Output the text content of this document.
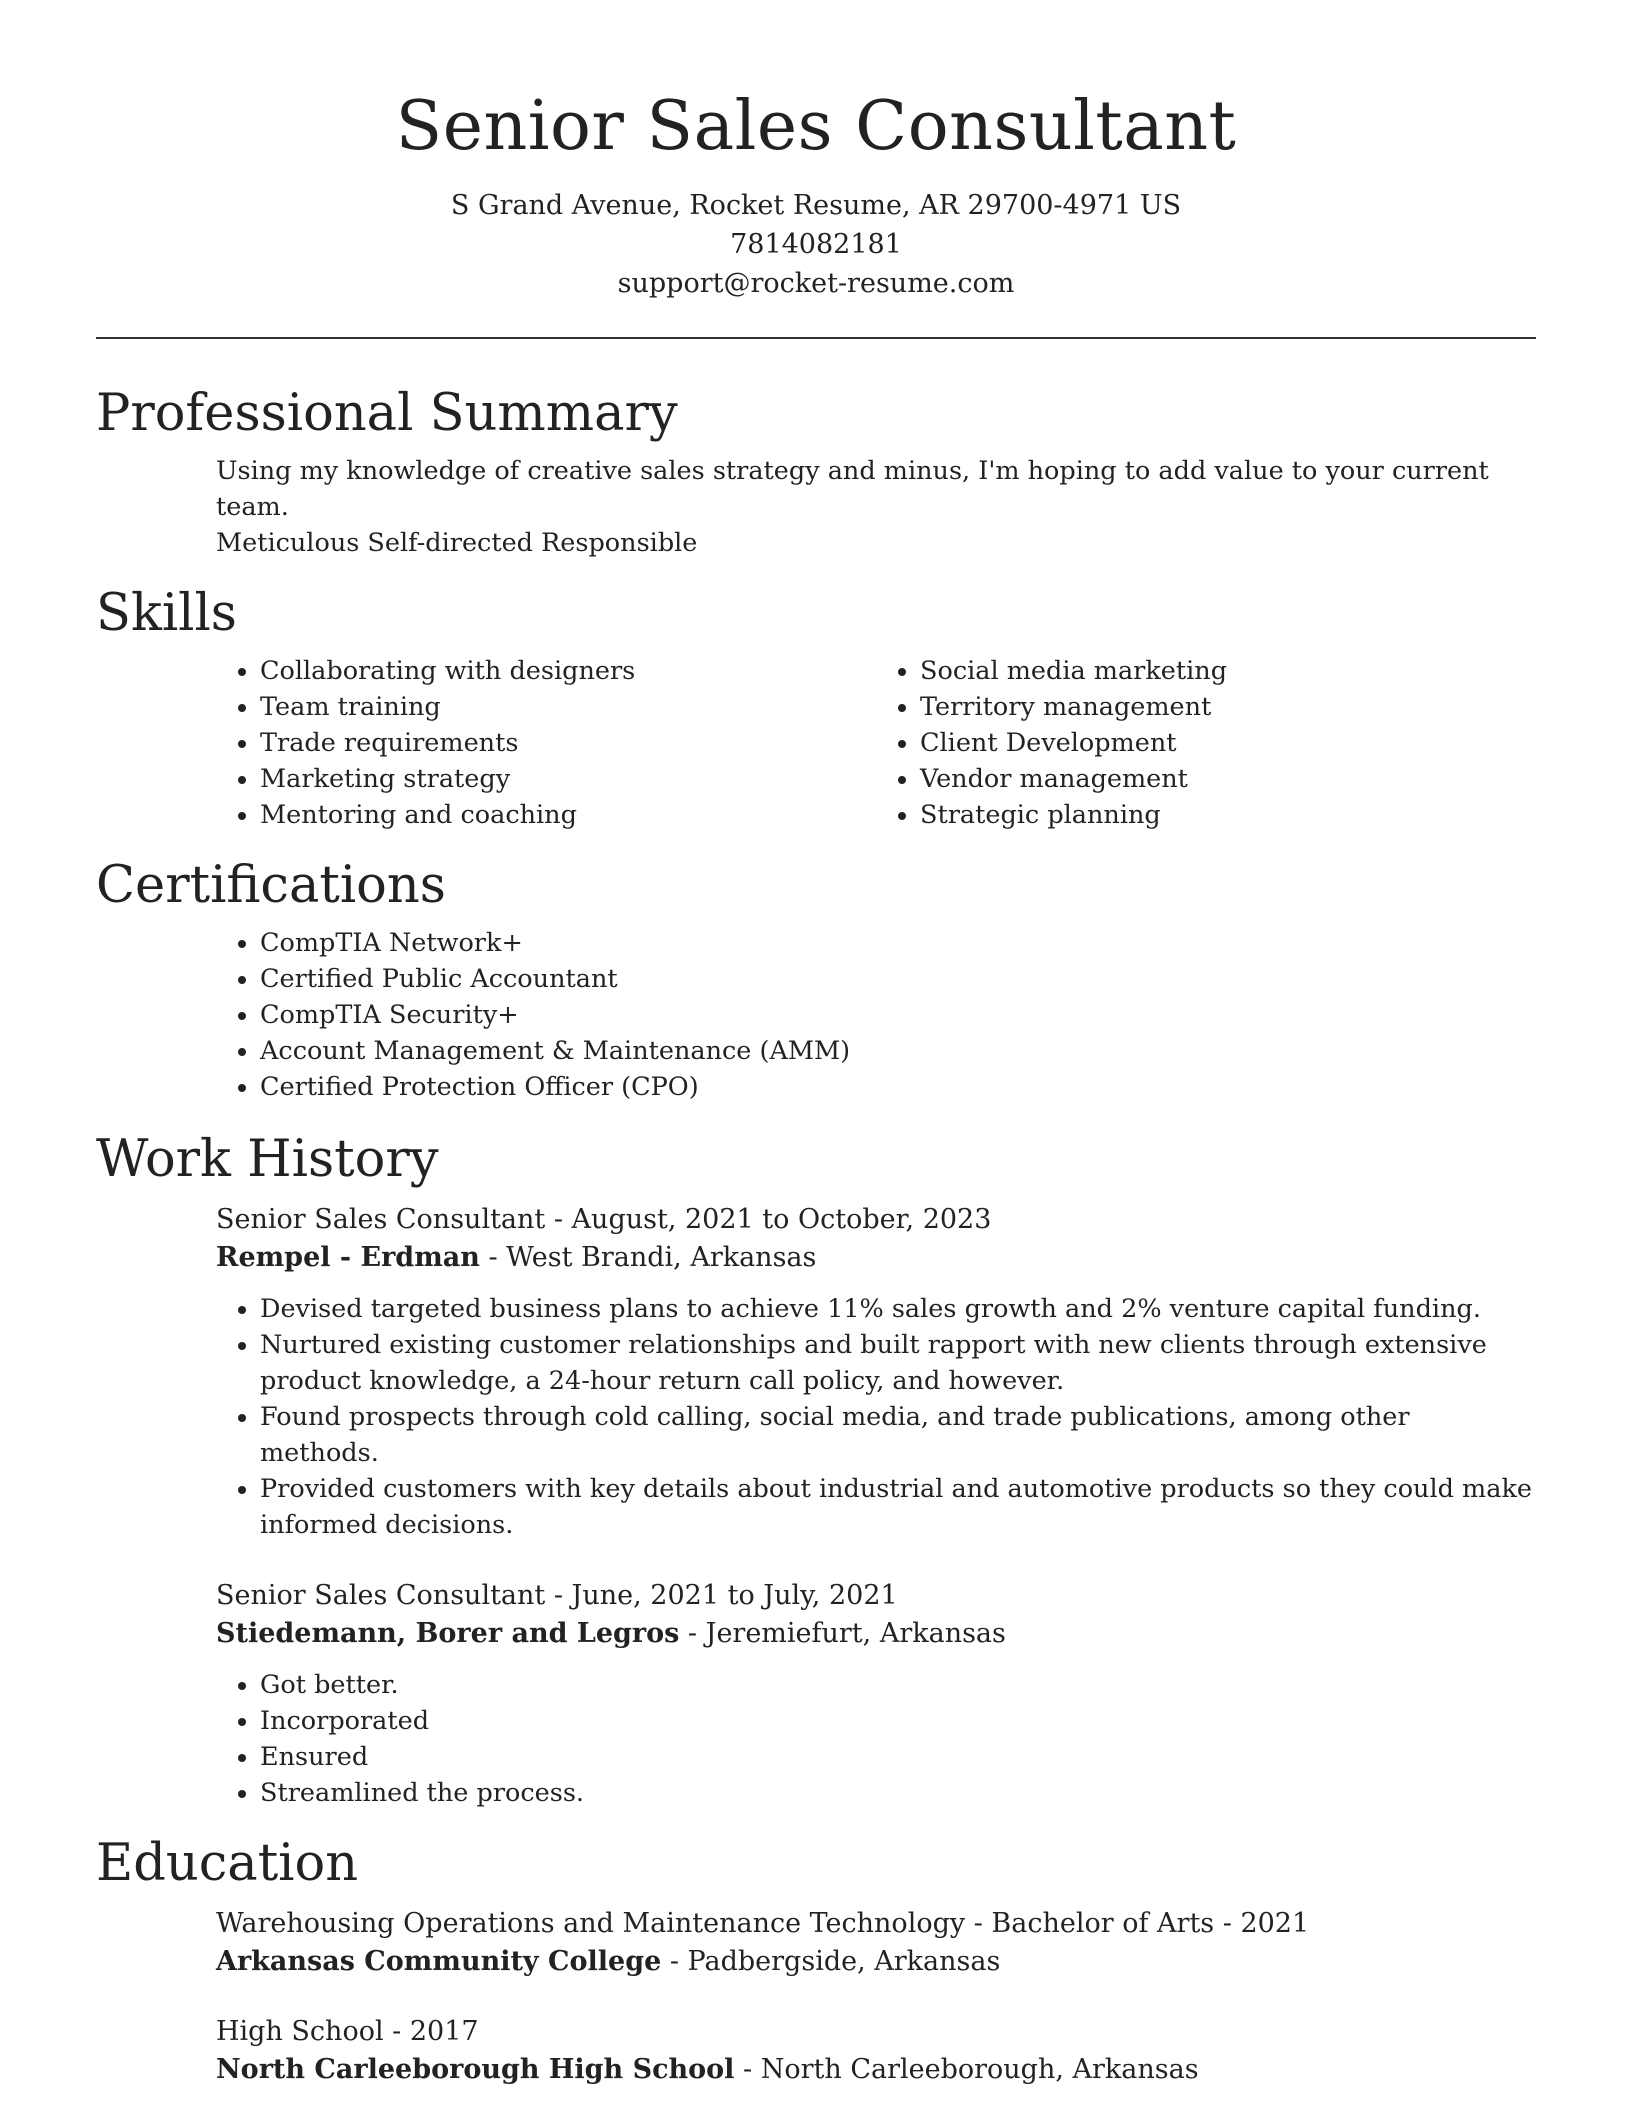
Senior Sales Consultant
S Grand Avenue, Rocket Resume, AR 29700-4971 US
7814082181
support@rocket-resume.com
Professional Summary

Using my knowledge of creative sales strategy and minus, I'm hoping to add value to your current team.

Meticulous Self-directed Responsible

Skills
• Collaborating with designers
• Team training
• Trade requirements
• Marketing strategy
• Mentoring and coaching
• Social media marketing
• Territory management
• Client Development
• Vendor management
• Strategic planning
Certifications
• CompTIA Network+
• Certified Public Accountant
• CompTIA Security+
• Account Management & Maintenance (AMM)
• Certified Protection Officer (CPO)
Work History
Senior Sales Consultant - August, 2021 to October, 2023
Rempel - Erdman - West Brandi, Arkansas
• Devised targeted business plans to achieve 11% sales growth and 2% venture capital funding.
• Nurtured existing customer relationships and built rapport with new clients through extensive product knowledge, a 24-hour return call policy, and however.
• Found prospects through cold calling, social media, and trade publications, among other methods.
• Provided customers with key details about industrial and automotive products so they could make informed decisions.
Senior Sales Consultant - June, 2021 to July, 2021
Stiedemann, Borer and Legros - Jeremiefurt, Arkansas
• Got better.
• Incorporated
• Ensured
• Streamlined the process.
Education
Warehousing Operations and Maintenance Technology - Bachelor of Arts - 2021
Arkansas Community College - Padbergside, Arkansas
High School - 2017
North Carleeborough High School - North Carleeborough, Arkansas
